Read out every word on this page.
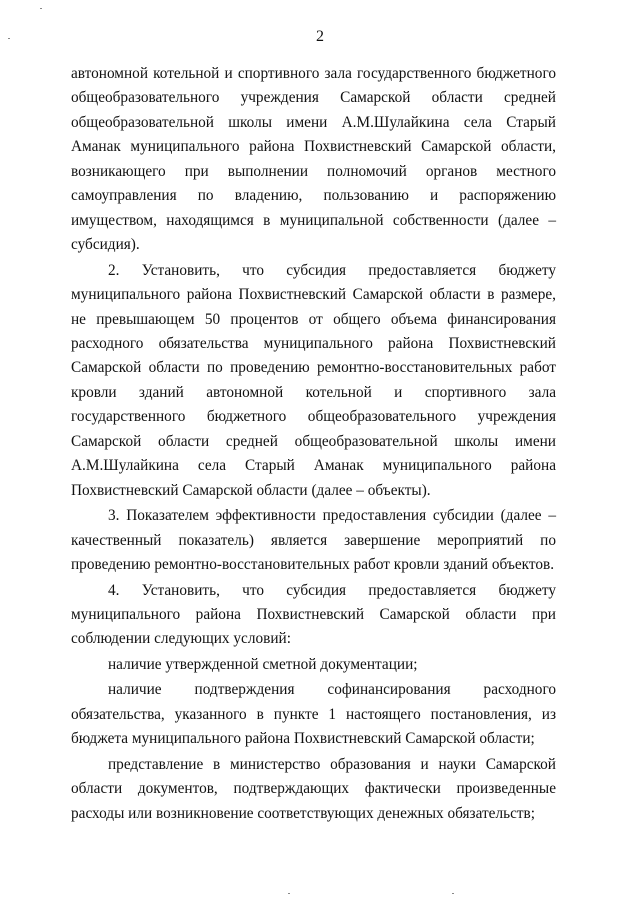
2

автономной котельной и спортивного зала государственного бюджетного общеобразовательного учреждения Самарской области средней общеобразовательной школы имени А.М.Шулайкина села Старый Аманак муниципального района Похвистневский Самарской области, возникающего при выполнении полномочий органов местного самоуправления по владению, пользованию и распоряжению имуществом, находящимся в муниципальной собственности (далее – субсидия).

2. Установить, что субсидия предоставляется бюджету муниципального района Похвистневский Самарской области в размере, не превышающем 50 процентов от общего объема финансирования расходного обязательства муниципального района Похвистневский Самарской области по проведению ремонтно-восстановительных работ кровли зданий автономной котельной и спортивного зала государственного бюджетного общеобразовательного учреждения Самарской области средней общеобразовательной школы имени А.М.Шулайкина села Старый Аманак муниципального района Похвистневский Самарской области (далее – объекты).

3. Показателем эффективности предоставления субсидии (далее – качественный показатель) является завершение мероприятий по проведению ремонтно-восстановительных работ кровли зданий объектов.

4. Установить, что субсидия предоставляется бюджету муниципального района Похвистневский Самарской области при соблюдении следующих условий:

наличие утвержденной сметной документации;

наличие подтверждения софинансирования расходного обязательства, указанного в пункте 1 настоящего постановления, из бюджета муниципального района Похвистневский Самарской области;

представление в министерство образования и науки Самарской области документов, подтверждающих фактически произведенные расходы или возникновение соответствующих денежных обязательств;
